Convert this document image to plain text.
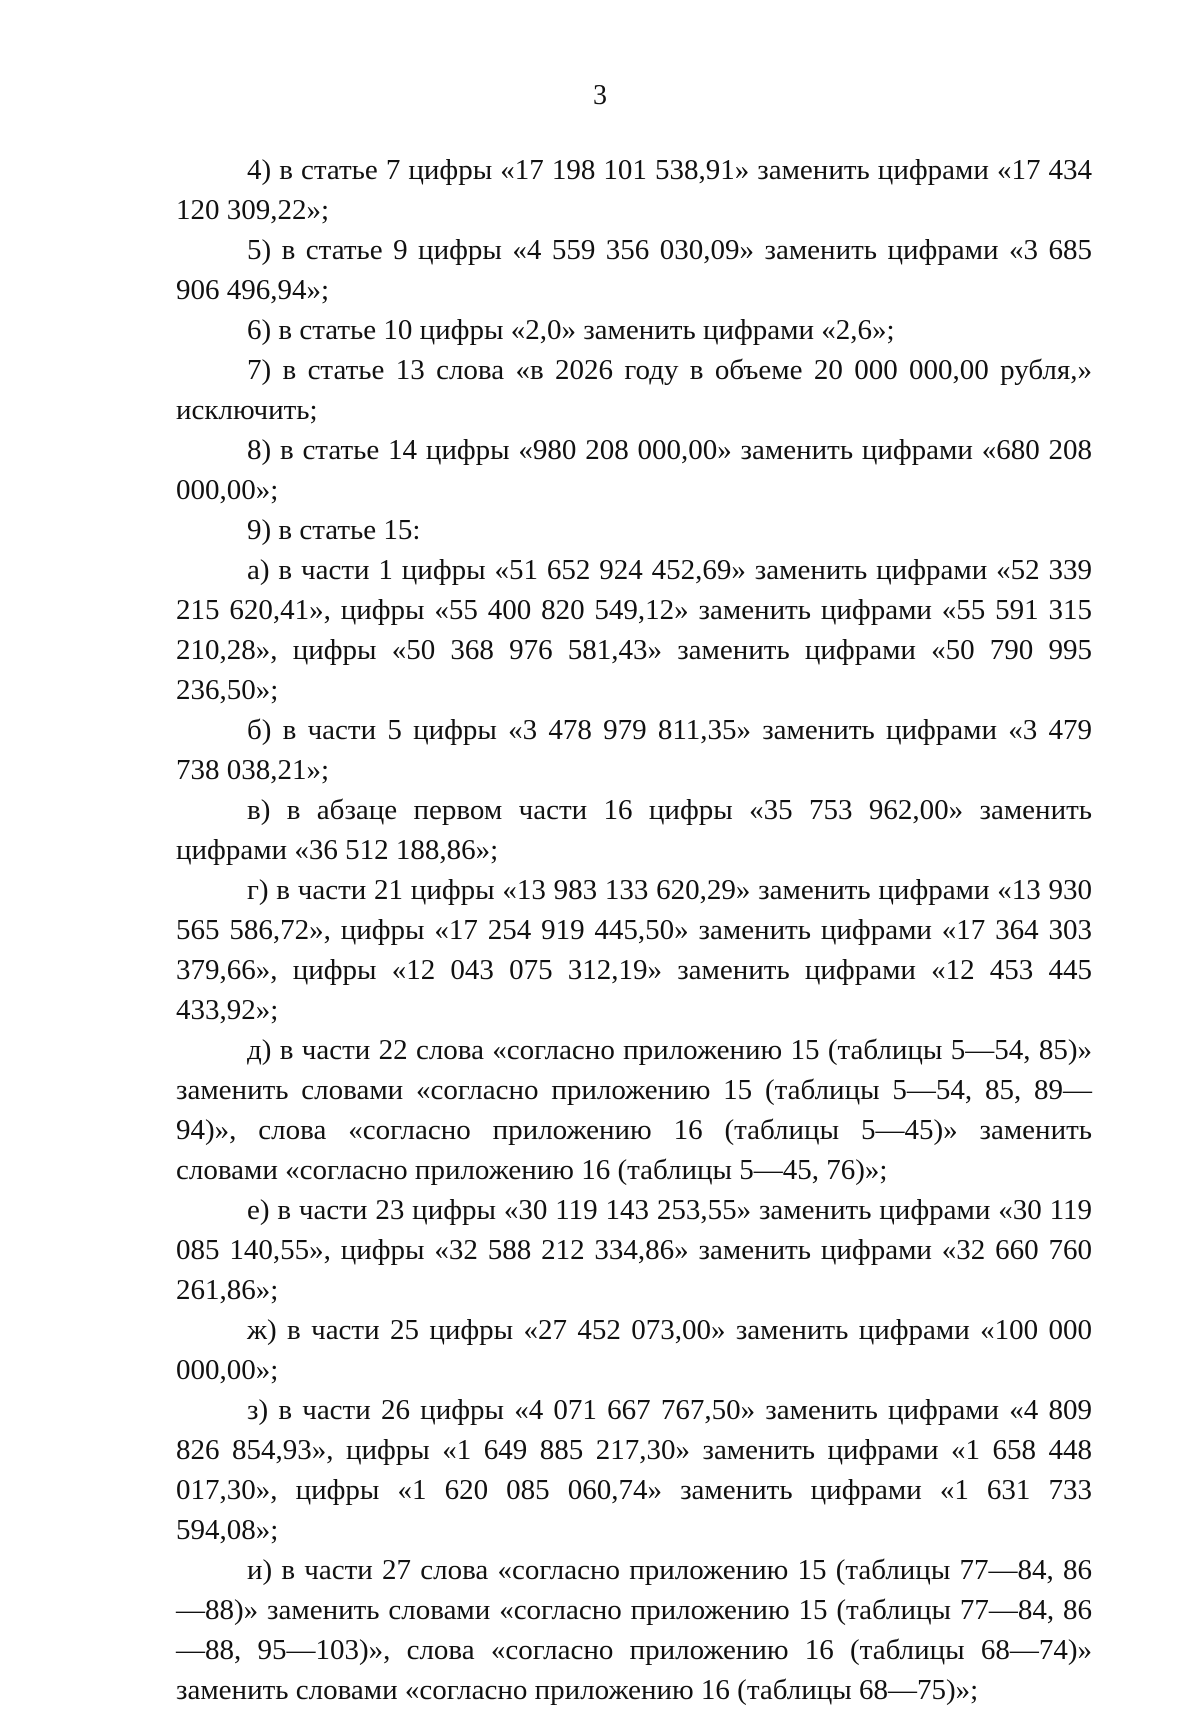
3

4) в статье 7 цифры «17 198 101 538,91» заменить цифрами «17 434 120 309,22»;

5) в статье 9 цифры «4 559 356 030,09» заменить цифрами «3 685 906 496,94»;

6) в статье 10 цифры «2,0» заменить цифрами «2,6»;

7) в статье 13 слова «в 2026 году в объеме 20 000 000,00 рубля,» исключить;

8) в статье 14 цифры «980 208 000,00» заменить цифрами «680 208 000,00»;

9) в статье 15:

а) в части 1 цифры «51 652 924 452,69» заменить цифрами «52 339 215 620,41», цифры «55 400 820 549,12» заменить цифрами «55 591 315 210,28», цифры «50 368 976 581,43» заменить цифрами «50 790 995 236,50»;

б) в части 5 цифры «3 478 979 811,35» заменить цифрами «3 479 738 038,21»;

в) в абзаце первом части 16 цифры «35 753 962,00» заменить цифрами «36 512 188,86»;

г) в части 21 цифры «13 983 133 620,29» заменить цифрами «13 930 565 586,72», цифры «17 254 919 445,50» заменить цифрами «17 364 303 379,66», цифры «12 043 075 312,19» заменить цифрами «12 453 445 433,92»;

д) в части 22 слова «согласно приложению 15 (таблицы 5—54, 85)» заменить словами «согласно приложению 15 (таблицы 5—54, 85, 89—94)», слова «согласно приложению 16 (таблицы 5—45)» заменить словами «согласно приложению 16 (таблицы 5—45, 76)»;

е) в части 23 цифры «30 119 143 253,55» заменить цифрами «30 119 085 140,55», цифры «32 588 212 334,86» заменить цифрами «32 660 760 261,86»;

ж) в части 25 цифры «27 452 073,00» заменить цифрами «100 000 000,00»;

з) в части 26 цифры «4 071 667 767,50» заменить цифрами «4 809 826 854,93», цифры «1 649 885 217,30» заменить цифрами «1 658 448 017,30», цифры «1 620 085 060,74» заменить цифрами «1 631 733 594,08»;

и) в части 27 слова «согласно приложению 15 (таблицы 77—84, 86—88)» заменить словами «согласно приложению 15 (таблицы 77—84, 86—88, 95—103)», слова «согласно приложению 16 (таблицы 68—74)» заменить словами «согласно приложению 16 (таблицы 68—75)»;
